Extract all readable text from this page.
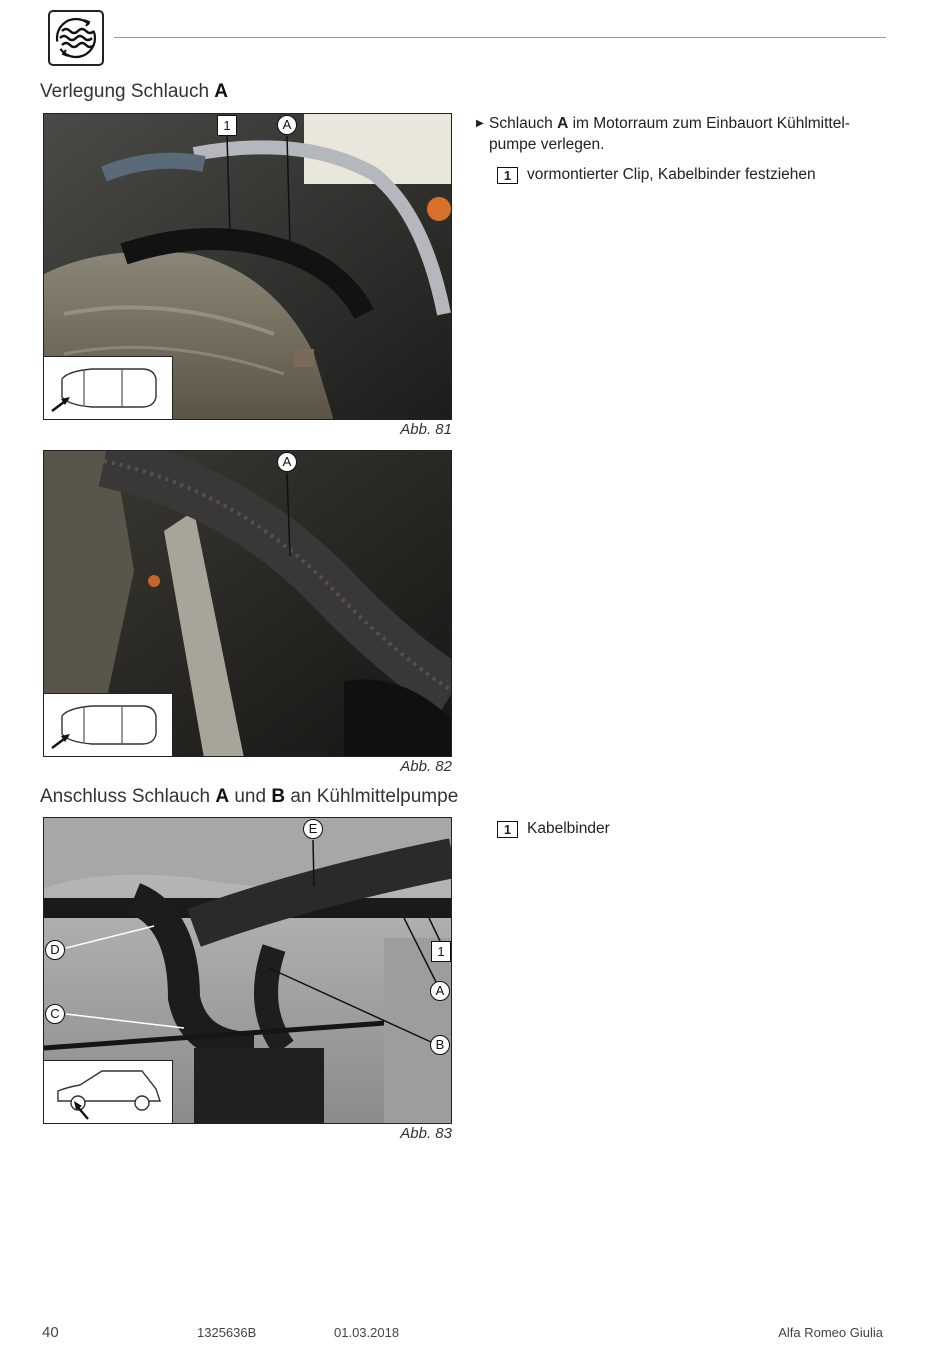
Verlegung Schlauch A
1	A
Abb. 81
A
Abb. 82
Anschluss Schlauch A und B an Kühlmittelpumpe
E
D
C
1
A
B
Abb. 83
▶ Schlauch A im Motorraum zum Einbauort Kühlmittel-pumpe verlegen.
1	vormontierter Clip, Kabelbinder festziehen
1	Kabelbinder
40	1325636B	01.03.2018	Alfa Romeo Giulia
